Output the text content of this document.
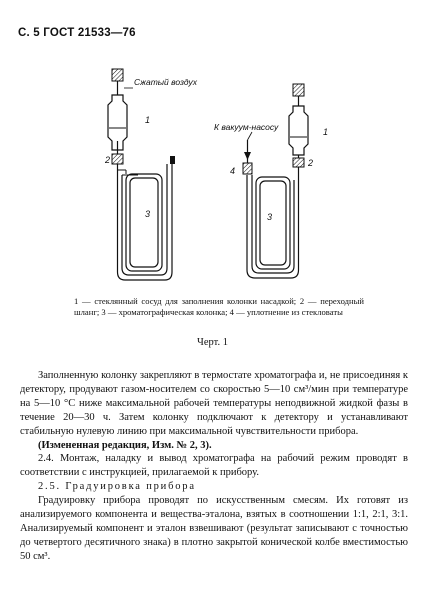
С. 5 ГОСТ 21533—76
Сжатый воздух
1
2
3
К вакуум-насосу
4
1
2
3
1 — стеклянный сосуд для заполнения колонки насадкой; 2 — переходный шланг; 3 — хроматографическая колонка; 4 — уплотнение из стекловаты
Черт. 1

Заполненную колонку закрепляют в термостате хроматографа и, не присоединяя к детектору, продувают газом-носителем со скоростью 5—10 см³/мин при температуре на 5—10 °С ниже максимальной рабочей температуры неподвижной жидкой фазы в течение 20—30 ч. Затем колонку подключают к детектору и устанавливают стабильную нулевую линию при максимальной чувствительности прибора.

(Измененная редакция, Изм. № 2, 3).

2.4. Монтаж, наладку и вывод хроматографа на рабочий режим проводят в соответствии с инструкцией, прилагаемой к прибору.

2.5. Градуировка прибора

Градуировку прибора проводят по искусственным смесям. Их готовят из анализируемого компонента и вещества-эталона, взятых в соотношении 1:1, 2:1, 3:1. Анализируемый компонент и эталон взвешивают (результат записывают с точностью до четвертого десятичного знака) в плотно закрытой конической колбе вместимостью 50 см³.
